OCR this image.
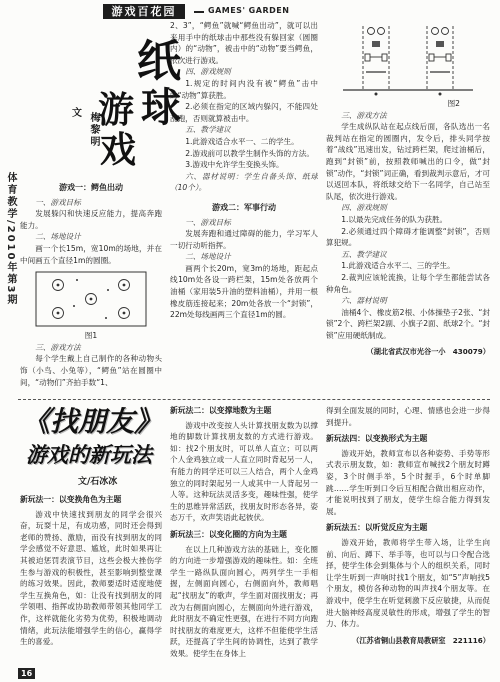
游戏百花园	GAMES' GARDEN
体育教学/2010年第3期
纸
球
游
戏
文 梅黎明

游戏一：鳄鱼出动

一、游戏目标

发展躲闪和快速反应能力，提高奔跑能力。

二、场地设计

画一个长15m，宽10m的场地，并在中间画五个直径1m的圆圈。

图1

三、游戏方法

每个学生戴上自己制作的各种动物头饰（小鸟、小兔等），“鳄鱼”站在圆圈中间，“动物们”齐拍手数“1、

2、3”，“鳄鱼”就喊“鳄鱼出动”，就可以出来用手中的纸球击中那些没有躲回家（圆圈内）的“动物”，被击中的“动物”要当鳄鱼，依次进行游戏。

四、游戏规则

1.规定的时间内没有被“鳄鱼”击中的“动物”算获胜。

2.必须在指定的区域内躲闪，不能四处乱跑，否则就算被击中。

五、教学建议

1.此游戏适合水平一、二的学生。

2.游戏前可以教学生制作头饰的方法。

3.游戏中允许学生变换头饰。

六、器材说明：学生自备头饰、纸球（10个）。

游戏二：军事行动

一、游戏目标

发展奔跑和通过障碍的能力，学习军人一切行动听指挥。

二、场地设计

画两个长20m，宽3m的场地，距起点线10m处各设一跨栏架，15m处各放两个油桶（家用装5升油的塑料油桶），并用一根橡皮筋连接起来；20m处各放一个“封锁”，22m处每线画两三个直径1m的圆。

图2

三、游戏方法

学生成纵队站在起点线后面，各队选出一名裁判站在指定的圆圈内，发令后，排头同学按着“战线”迅速出发，钻过跨栏架，爬过油桶后，跑到“封锁”前，按照教师喊出的口令，做“封锁”动作，“封锁”词正确，看到裁判示意后，才可以返回本队，将纸球交给下一名同学，自己站至队尾，依次进行游戏。

四、游戏规则

1.以最先完成任务的队为获胜。

2.必须通过四个障碍才能调整“封锁”，否则算犯规。

五、教学建议

1.此游戏适合水平二、三的学生。

2.裁判应该轮流换，让每个学生都能尝试各种角色。

六、器材说明

油桶4个、橡皮筋2根、小体操垫子2张、“封锁”2个、跨栏架2副、小旗子2面、纸球2个。“封锁”应用硬纸制成。

（湖北省武汉市光谷一小　430079）

《找朋友》
游戏的新玩法
文/石冰冰

新玩法一：以变换角色为主题

游戏中快速找到朋友的同学会很兴奋，玩耍十足，有成功感，同时还会得到老师的赞扬、激励，而没有找到朋友的同学会感觉不好意思、尴尬，此时如果再让其被迫惩罚表演节目，这些会极大挫伤学生参与游戏的积极性，甚至影响到整堂课的练习效果。因此，教师要适时适度地使学生互换角色，如：让没有找到朋友的同学领唱、指挥或协助教师带领其他同学工作，这样就能化劣势为优势，积极地调动情绪，此玩法能增强学生的信心，赢得学生的喜爱。

新玩法二：以变撑地数为主题

游戏中改变按人头计算找朋友数为以撑地的脚数计算找朋友数的方式进行游戏。如：找2个朋友时，可以单人直立；可以两个人金鸡独立或一人直立同时背起另一人，有能力的同学还可以三人结合，两个人金鸡独立的同时架起另一人或其中一人背起另一人等。这种玩法灵活多变，趣味性强，使学生的思维异常活跃，找朋友时形态各异，姿态万千，欢声笑语此起彼伏。

新玩法三：以变化圈的方向为主题

在以上几种游戏方法的基础上，变化圈的方向进一步增强游戏的趣味性。如：全班学生一路纵队面向圆心，两列学生一手相握，左侧面向圆心，右侧面向外，教师唱起“找朋友”的歌声，学生面对面找朋友；再改为右侧面向圆心，左侧面向外进行游戏，此时朋友不确定性更强，在进行不同方向跑时找朋友的难度更大，这样不但能使学生活跃，还提高了学生间的协调性，达到了教学效果。使学生在身体上

得到全面发展的同时，心理、情感也会进一步得到提升。

新玩法四：以变换形式为主题

游戏开始，教师宣布以各种姿势、手势等形式表示朋友数，如：教师宣布喊找2个朋友时蹲姿，3个时侧手举，5个时握手，6个时单脚跳……学生听到口令后互相配合做出相应动作，才能说明找到了朋友，使学生综合能力得到发展。

新玩法五：以听觉反应为主题

游戏开始，教师将学生带入场，让学生向前、向后、蹲下、举手等，也可以与口令配合选择，使学生体会到集体与个人的组织关系，同时让学生听到一声响时找1个朋友，如“5”声响找5个朋友，模仿各种动物的叫声找4个朋友等。在游戏中，使学生在听觉刺激下反应敏捷，从而促进大脑神经高度灵敏性的形成，增强了学生的智力、体力。

（江苏省铜山县教育局教研室　221116）

16
